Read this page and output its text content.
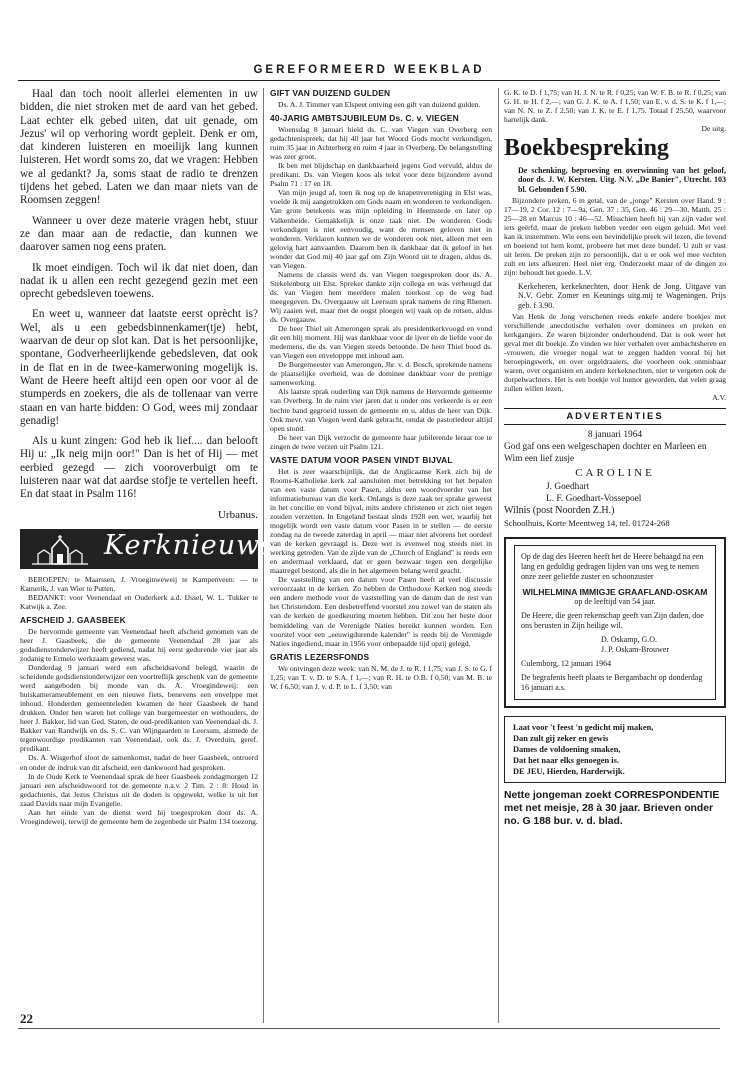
GEREFORMEERD WEEKBLAD

Haal dan toch nooit allerlei elementen in uw bidden, die niet stroken met de aard van het gebed. Laat echter elk gebed uiten, dat uit genade, om Jezus' wil op verhoring wordt gepleit. Denk er om, dat kinderen luisteren en moeilijk lang kunnen luisteren. Het wordt soms zo, dat we vragen: Hebben we al gedankt? Ja, soms staat de radio te drenzen tijdens het gebed. Laten we dan maar niets van de Roomsen zeggen!

Wanneer u over deze materie vragen hebt, stuur ze dan maar aan de redactie, dan kunnen we daarover samen nog eens praten.

Ik moet eindigen. Toch wil ik dat niet doen, dan nadat ik u allen een recht gezegend gezin met een oprecht gebedsleven toewens.

En weet u, wanneer dat laatste eerst oprècht is? Wel, als u een gebedsbinnenkamer(tje) hebt, waarvan de deur op slot kan. Dat is het persoonlijke, spontane, Godverheerlijkende gebedsleven, dat ook in de flat en in de twee-kamerwoning mogelijk is. Want de Heere heeft altijd een open oor voor al de stumperds en zoekers, die als de tollenaar van verre staan en van harte bidden: O God, wees mij zondaar genadig!

Als u kunt zingen: God heb ik lief.... dan belooft Hij u: „Ik neig mijn oor!" Dan is het of Hij — met eerbied gezegd — zich vooroverbuigt om te luisteren naar wat dat aardse stofje te vertellen heeft. En dat staat in Psalm 116!

Urbanus.
Kerknieuws

BEROEPEN: te Maarssen, J. Vroeginweweij te Kampenveen: — te Kamerik, J. van Wier te Putten.

BEDANKT: voor Veenendaal en Ouderkerk a.d. IJssel, W. L. Tukker te Katwijk a. Zee.

AFSCHEID J. GAASBEEK

De hervormde gemeente van Veenendaal heeft afscheid genomen van de heer J. Gaasbeek, die de gemeente Veenendaal 28 jaar als godsdienstonderwijzer heeft gediend, nadat hij eerst gedurende vier jaar als zodanig te Ermelo werkzaam geweest was.

Donderdag 9 januari werd een afscheidsavond belegd, waarin de scheidende godsdienstonderwijzer een voortreflijk geschenk van de gemeente werd aangeboden bij monde van ds. A. Vroegindeweij: een huiskamerameublement en een nieuwe fiets, benevens een envelppe met inhoud. Honderden gemeenteleden kwamen de heer Gaasbeek de hand drukken. Onder hen waren het college van burgemeester en wethouders, de heer J. Bakker, lid van Ged. Staten, de oud-predikanten van Veenendaal ds. J. Bakker van Randwijk en ds. S. C. van Wijngaarden te Leersum, alsmede de tegenwoordige predikanten van Veenendaal, ook ds. J. Overduin, geref. predikant.

Ds. A. Wisgerhof sloot de samenkomst, nadat de heer Gaasbeek, ontroerd en onder de indruk van dit afscheid, een dankwoord had gesproken.

In de Oude Kerk te Veenendaal sprak de heer Gaasbeek zondagmorgen 12 januari een afscheidswoord tot de gemeente n.a.v. 2 Tim. 2 : 8: Houd in gedachtenis, dat Jezus Christus uit de doden is opgewekt, welke is uit het zaad Davids naar mijn Evangelie.

Aan het einde van de dienst werd hij toegesproken door ds. A. Vroegindeweij, terwijl de gemeente hem de zegenbede uit Psalm 134 toezong.

GIFT VAN DUIZEND GULDEN

Ds. A. J. Timmer van Elspeet ontving een gift van duizend gulden.

40-JARIG AMBTSJUBILEUM Ds. C. v. VIEGEN

Woensdag 8 januari hield ds. C. van Viegen van Overberg een gedachtenispreek, dat hij 40 jaar het Woord Gods mocht verkondigen, ruim 35 jaar in Achterberg en ruim 4 jaar in Overberg. De belangstelling was zeer groot.

Ik ben met blijdschap en dankbaarheid jegens God vervuld, aldus de predikant. Ds. van Viegen koos als tekst voor deze bijzondere avond Psalm 71 : 17 en 18.

Van mijn jeugd af, toen ik nog op de knapenvereniging in Elst was, voelde ik mij aangetrokken om Gods naam en wonderen te verkondigen. Van grote betekenis was mijn opleiding in Heemstede en later op Valkenheide. Gemakkelijk is onze taak niet. De wonderen Gods verkondigen is niet eenvoudig, want de mensen geloven niet in wonderen. Verklaren kunnen we de wonderen ook niet, alleen met een gelovig hart aanvaarden. Daarom ben ik dankbaar dat ik geloof in het wonder dat God mij 40 jaar gaf om Zijn Woord uit te dragen, aldus ds. van Viegen.

Namens de classis werd ds. van Viegen toegesproken door ds. A. Stekelenburg uit Elst. Spreker dankte zijn collega en was verheugd dat ds. van Viegen hem meerdere malen toerkost op de weg had meegegeven. Ds. Overgaauw uit Leersum sprak namens de ring Rhenen. Wij zaaien wel, maar met de oogst ploegen wij vaak op de rotsen, aldus ds. Overgaauw.

De heer Thiel uit Amerongen sprak als presidentkerkvoogd en vond dit een blij moment. Hij was dankbaar voor de ijver en de liefde voor de medemens, die ds. van Viegen steeds betoonde. De heer Thiel bood ds. van Viegen een envelopppe met inhoud aan.

De Burgemeester van Amerongen, Jhr. v. d. Bosch, sprekende namens de plaatselijke overheid, was de dominee dankbaar voor de prettige samenwerking.

Als laatste sprak ouderling van Dijk namens de Hervormde gemeente van Overberg. In de ruim vier jaren dat u onder ons verkeerde is er een hechte band gegroeid tussen de gemeente en u, aldus de heer van Dijk. Ook mevr. van Viegen werd dank gebracht, omdat de pastoriedeur altijd open stond.

De heer van Dijk verzocht de gemeente haar jubilerende leraar toe te zingen de twee verzen uit Psalm 121.

VASTE DATUM VOOR PASEN VINDT BIJVAL

Het is zeer waarschijnlijk, dat de Anglicaanse Kerk zich bij de Rooms-Katholieke kerk zal aansluiten met betrekking tot het bepalen van een vaste datum voor Pasen, aldus een woordvoerder van het informatiebureau van die kerk. Onlangs is deze zaak ter sprake geweest in het concilie en vond bijval, mits andere christenen er zich niet tegen zouden verzetten. In Engeland bestaat sinds 1928 een wet, waarbij het mogelijk wordt een vaste datum voor Pasen in te stellen — de eerste zondag na de tweede zaterdag in april — maar niet alvorens het oordeel van de kerken gevraagd is. Deze wet is evenwel nog steeds niet in werking getreden. Van de zijde van de „Church of England" is reeds een en andermaal verklaard, dat er geen bezwaar tegen een dergelijke maatregel bestond, als die in het algemeen belang werd geacht.

De vaststelling van een datum voor Pasen heeft al veel discussie veroorzaakt in de kerken. Zo hebben de Orthodoxe Kerken nog steeds een andere methode voor de vaststelling van de datum dan de rest van het Christendom. Een desbetreffend voorstel zou zowel van de staten als van de kerken de goedkeuring moeten hebben. Dit zou het beste door bemiddeling van de Verenigde Naties bereikt kunnen worden. Een voorstel voor een „eeuwigdurende kalender" is reeds bij de Verenigde Naties ingediend, maar in 1956 voor onbepaalde tijd opzij gelegd.

GRATIS LEZERSFONDS

We ontvingen deze week: van N. M. de J. te R. f 1,75; van J. S. te G. f 1,25; van T. v. D. te S.A. f 1,—; van R. H. te O.B. f 0,50; van M. B. te W. f 6,50; van J. v. d. P. te L. f 3,50; van

G. K. te D. f 1,75; van H. J. N. te R. f 0,25; van W. F. B. te R. f 0,25; van G. H. te H. f 2,—; van G. J. K. te A. f 1,50; van E. v. d. S. te K. f 1,—; van N. N. te Z. f 2,50; van J. K. te E. f 1,75. Totaal f 25,50, waarvoor hartelijk dank.

De uitg.
Boekbespreking
De schenking, beproeving en overwinning van het geloof, door ds. J. W. Kersten. Uitg. N.V. „De Banier", Utrecht. 103 bl. Gebonden f 5.90.

Bijzondere preken, 6 in getal, van de „jonge" Kersten over Hand. 9 : 17—19, 2 Cor. 12 : 7—9a, Gen. 37 : 35, Gen. 46 : 29—30, Matth. 25 : 25—28 en Marcus 10 : 46—52. Misschien heeft hij van zijn vader wel iets geërfd, maar de preken hebben verder een eigen geluid. Met veel kan ik instemmen. Wie eens een bevindelijke preek wil lezen, die levend en boeiend tot hem komt, probeere het met deze bundel. U zult er vast uit leren. De preken zijn zo persoonlijk, dat u er ook wel mee vechten zult en iets afkeuren. Heel niet erg. Onderzoekt maar of de dingen zo zijn: behoudt het goede. L.V.

Kerkeheren, kerkeknechten, door Henk de Jong. Uitgave van N.V. Gebr. Zomer en Keunings uitg.mij te Wageningen. Prijs geb. f 3.90.

Van Henk de Jong verschenen reeds enkele andere boekjes met verschillende anecdotische verhalen over dominees en preken en kerkgangers. Ze waren bijzonder onderhoudend. Dat is ook weer het geval met dit boekje. Zo vinden we hier verhalen over ambachtsheren en -vrouwen, die vroeger nogal wat te zeggen hadden vooral bij het beroepingswerk, en over orgeldraaiers, die voorheen ook onmisbaar waren, over organisten en andere kerkeknechten, niet te vergeten ook de dorpelwachters. Het is een boekje vol humor geworden, dat velen graag zullen willen lezen.

A.V.
ADVERTENTIES
8 januari 1964
God gaf ons een welgeschapen dochter en Marleen en Wim een lief zusje
CAROLINE
J. Goedhart
L. F. Goedhart-Vossepoel
Wilnis (post Noorden Z.H.)
Schoolhuis, Korte Meentweg 14, tel. 01724-268
Op de dag des Heeren heeft het de Heere behaagd na een lang en geduldig gedragen lijden van ons weg te nemen onze zeer geliefde zuster en schoonzuster
WILHELMINA IMMIGJE GRAAFLAND-OSKAM
op de leeftijd van 54 jaar.
De Heere, die geen rekenschap geeft van Zijn daden, doe ons berusten in Zijn heilige wil.
D. Oskamp, G.O.
J. P. Oskam-Brouwer
Culemborg, 12 januari 1964
De begrafenis heeft plaats te Bergambacht op donderdag 16 januari a.s.
Laat voor 't feest 'n gedicht mij maken,
Dan zult gij zeker en gewis
Dames de voldoening smaken,
Dat het naar elks genoegen is.
DE JEU, Hierden, Harderwijk.
Nette jongeman zoekt CORRESPONDENTIE met net meisje, 28 à 30 jaar. Brieven onder no. G 188 bur. v. d. blad.
22
